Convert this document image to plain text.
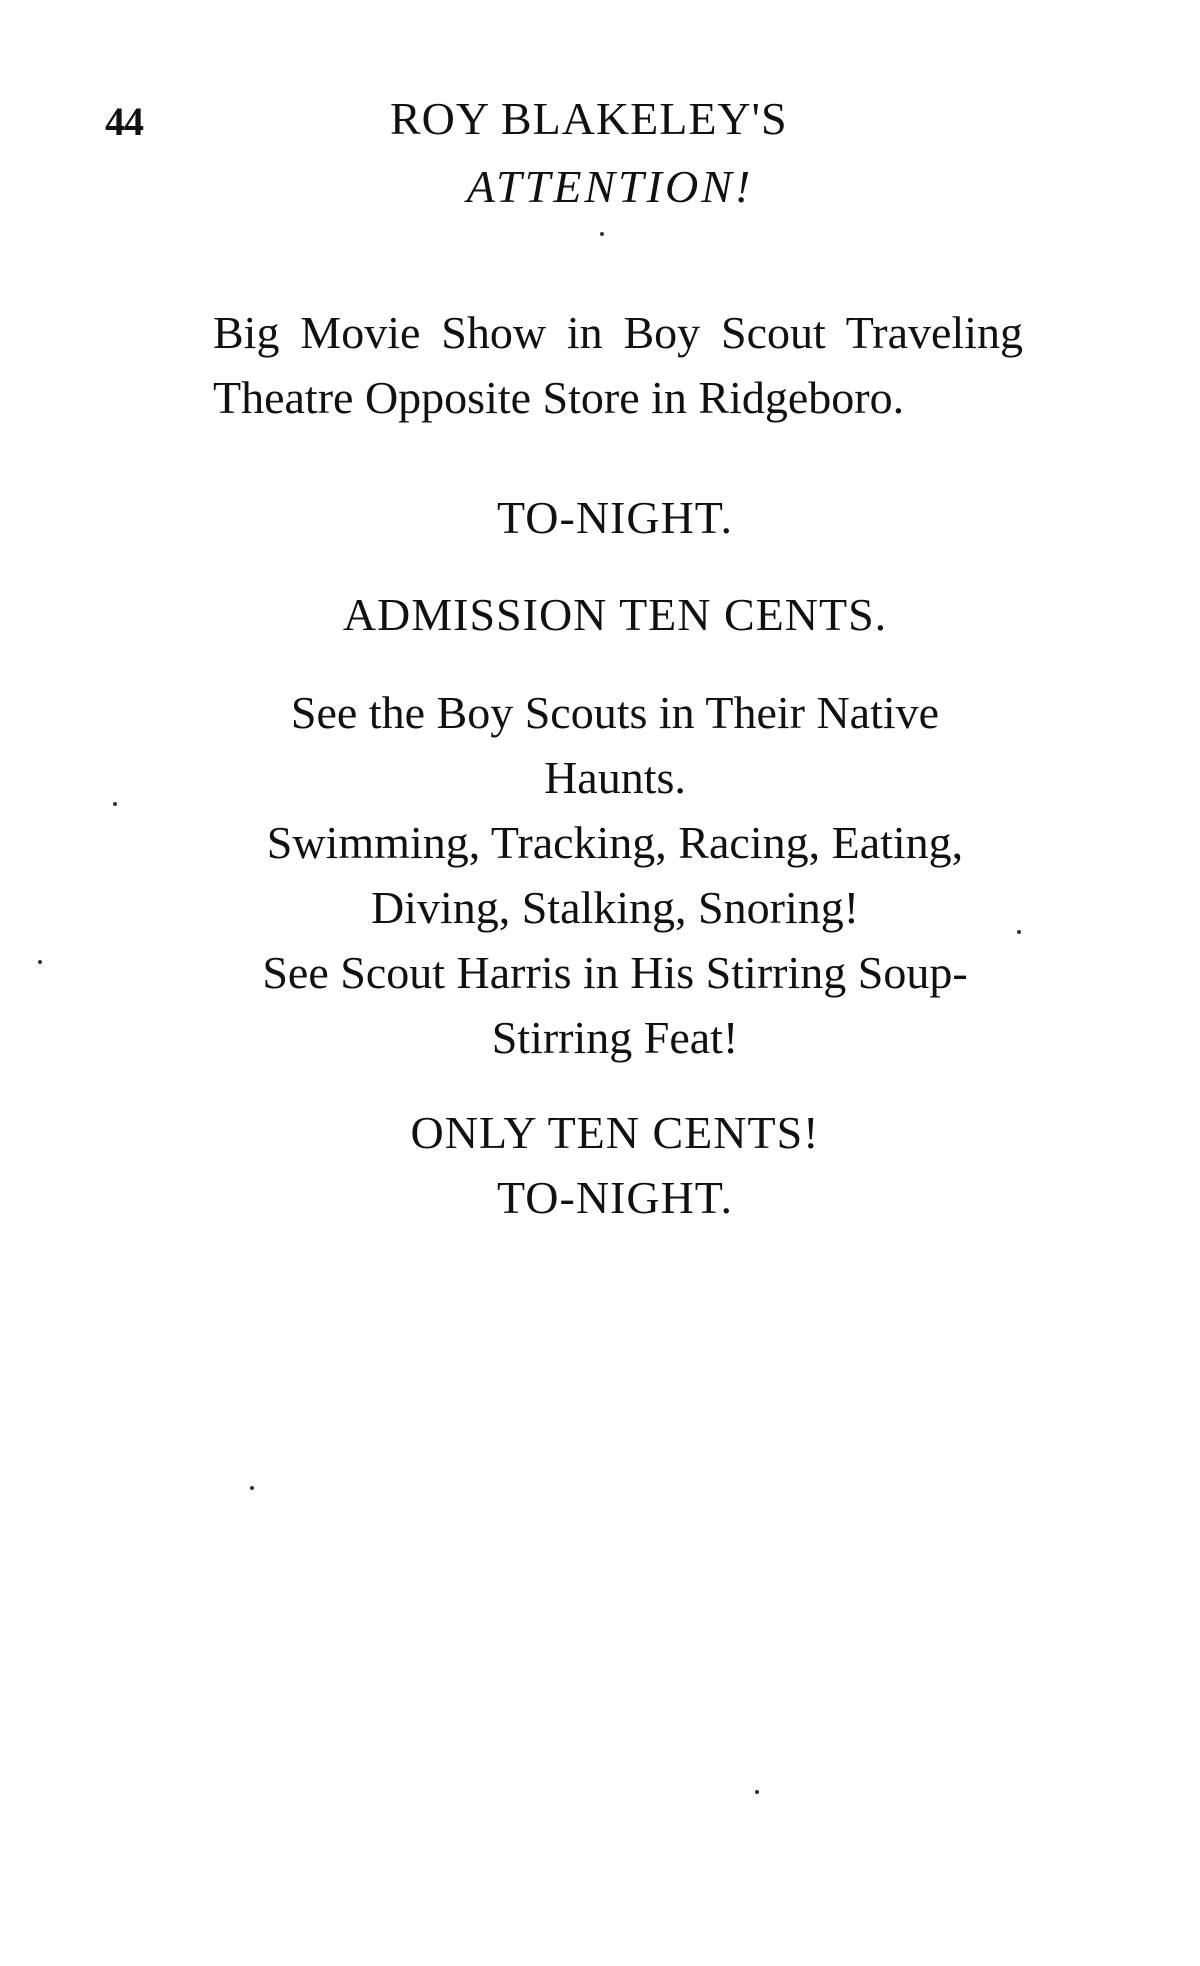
44	ROY BLAKELEY'S
ATTENTION!
Big Movie Show in Boy Scout Traveling Theatre Opposite Store in Ridgeboro.
TO-NIGHT.
ADMISSION TEN CENTS.
See the Boy Scouts in Their Native
Haunts.
Swimming, Tracking, Racing, Eating,
Diving, Stalking, Snoring!
See Scout Harris in His Stirring Soup-
Stirring Feat!
ONLY TEN CENTS!
TO-NIGHT.
